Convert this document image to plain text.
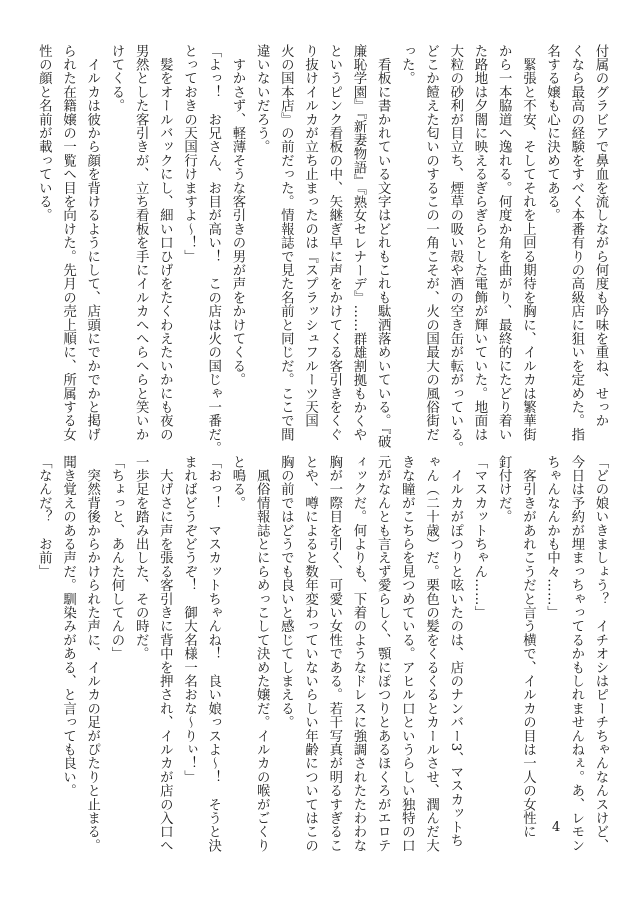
付属のグラビアで鼻血を流しながら何度も吟味を重ね、せっか
くなら最高の経験をすべく本番有りの高級店に狙いを定めた。指
名する嬢も心に決めてある。
　緊張と不安、そしてそれを上回る期待を胸に、イルカは繁華街
から一本脇道へ逸れる。何度か角を曲がり、最終的にたどり着い
た路地は夕闇に映えるぎらぎらとした電飾が輝いていた。地面は
大粒の砂利が目立ち、煙草の吸い殻や酒の空き缶が転がっている。
どこか饐えた匂いのするこの一角こそが、火の国最大の風俗街だ
った。
　看板に書かれている文字はどれもこれも駄洒落めいている。『破
廉恥学園』『新妻物語』『熟女セレナーデ』……群雄割拠もかくや
というピンク看板の中、矢継ぎ早に声をかけてくる客引きをくぐ
り抜けイルカが立ち止まったのは『スプラッシュフルーツ天国
火の国本店』の前だった。情報誌で見た名前と同じだ。ここで間
違いないだろう。
　すかさず、軽薄そうな客引きの男が声をかけてくる。
「よっ！　お兄さん、お目が高い！　この店は火の国じゃ一番だ。
とっておきの天国行けますよ〜！」
　髪をオールバックにし、細い口ひげをたくわえたいかにも夜の
男然とした客引きが、立ち看板を手にイルカへへらへらと笑いか
けてくる。
　イルカは彼から顔を背けるようにして、店頭にでかでかと掲げ
られた在籍嬢の一覧へ目を向けた。先月の売上順に、所属する女
性の顔と名前が載っている。
「どの娘いきましょう？　イチオシはピーチちゃんなんスけど、
今日は予約が埋まっちゃってるかもしれませんねぇ。あ、レモン
ちゃんなんかも中々……」
　客引きがあれこうだと言う横で、イルカの目は一人の女性に
釘付けだ。
「マスカットちゃん……」
　イルカがぽつりと呟いたのは、店のナンバー3、マスカットち
ゃん（二十歳）だ。栗色の髪をくるくるとカールさせ、潤んだ大
きな瞳がこちらを見つめている。アヒル口というらしい独特の口
元がなんとも言えず愛らしく、顎にぽつりとあるほくろがエロテ
ィックだ。何よりも、下着のようなドレスに強調されたたわわな
胸が一際目を引く、可愛い女性である。若干写真が明るすぎるこ
とや、噂によると数年変わっていないらしい年齢についてはこの
胸の前ではどうでも良いと感じてしまえる。
　風俗情報誌とにらめっこして決めた嬢だ。イルカの喉がごくり
と鳴る。
「おっ！　マスカットちゃんね！　良い娘っスよ〜！　そうと決
まればどうぞどうぞ！　御大名様一名おな〜りぃ！」
　大げさに声を張る客引きに背中を押され、イルカが店の入口へ
一歩足を踏み出した、その時だ。
「ちょっと、あんた何してんの」
　突然背後からかけられた声に、イルカの足がぴたりと止まる。
聞き覚えのある声だ。馴染みがある、と言っても良い。
「なんだ？　お前」
4
